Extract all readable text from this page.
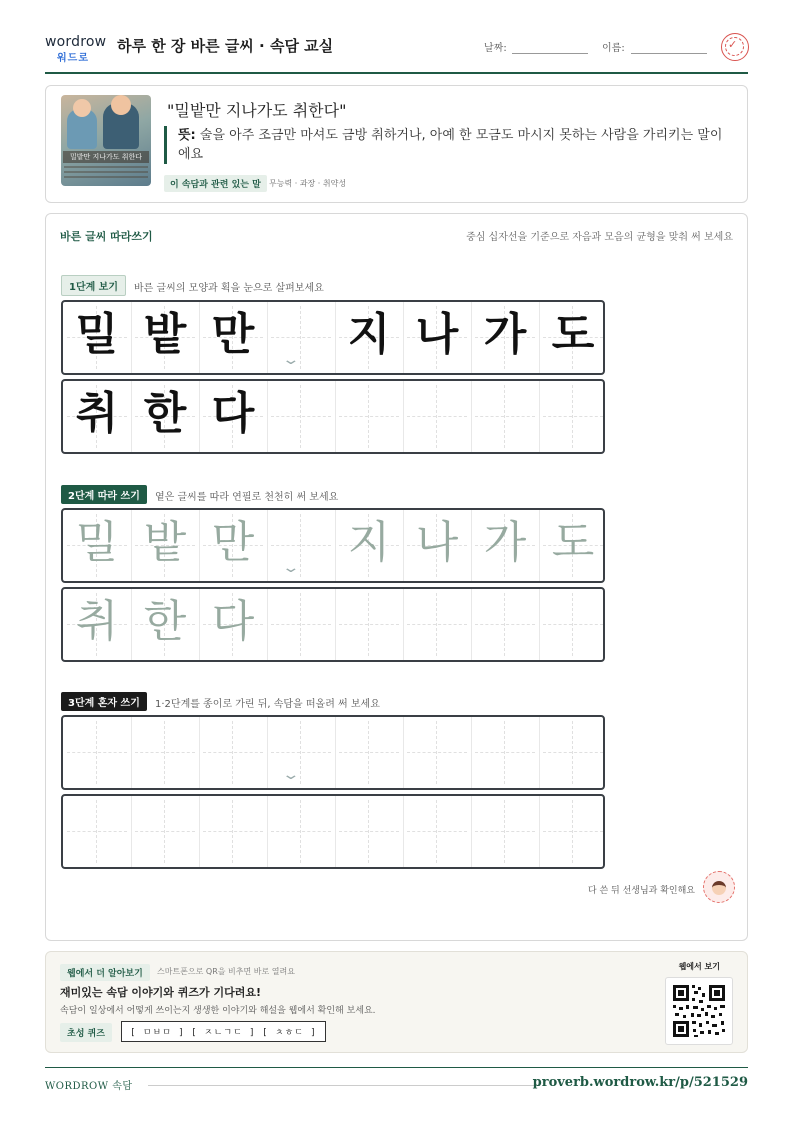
wordrow
워드로
하루 한 장 바른 글씨 · 속담 교실	날짜:	이름:	✓
밀밭만 지나가도 취한다
"밀밭만 지나가도 취한다"
뜻: 술을 아주 조금만 마셔도 금방 취하거나, 아예 한 모금도 마시지 못하는 사람을 가리키는 말이에요
이 속담과 관련 있는 말	무능력 · 과장 · 취약성
바른 글씨 따라쓰기	중심 십자선을 기준으로 자음과 모음의 균형을 맞춰 써 보세요
1단계 보기	바른 글씨의 모양과 획을 눈으로 살펴보세요
밀 밭 만 지 나 가 도
⌄
취 한 다
2단계 따라 쓰기	옅은 글씨를 따라 연필로 천천히 써 보세요
밀 밭 만 지 나 가 도
⌄
취 한 다
3단계 혼자 쓰기	1·2단계를 종이로 가린 뒤, 속담을 떠올려 써 보세요
⌄
다 쓴 뒤 선생님과 확인해요
웹에서 더 알아보기	스마트폰으로 QR을 비추면 바로 열려요
재미있는 속담 이야기와 퀴즈가 기다려요!
속담이 일상에서 어떻게 쓰이는지 생생한 이야기와 해설을 웹에서 확인해 보세요.
초성 퀴즈	[ ㅁㅂㅁ ] [ ㅈㄴㄱㄷ ] [ ㅊㅎㄷ ]
웹에서 보기
WORDROW 속담	proverb.wordrow.kr/p/521529
